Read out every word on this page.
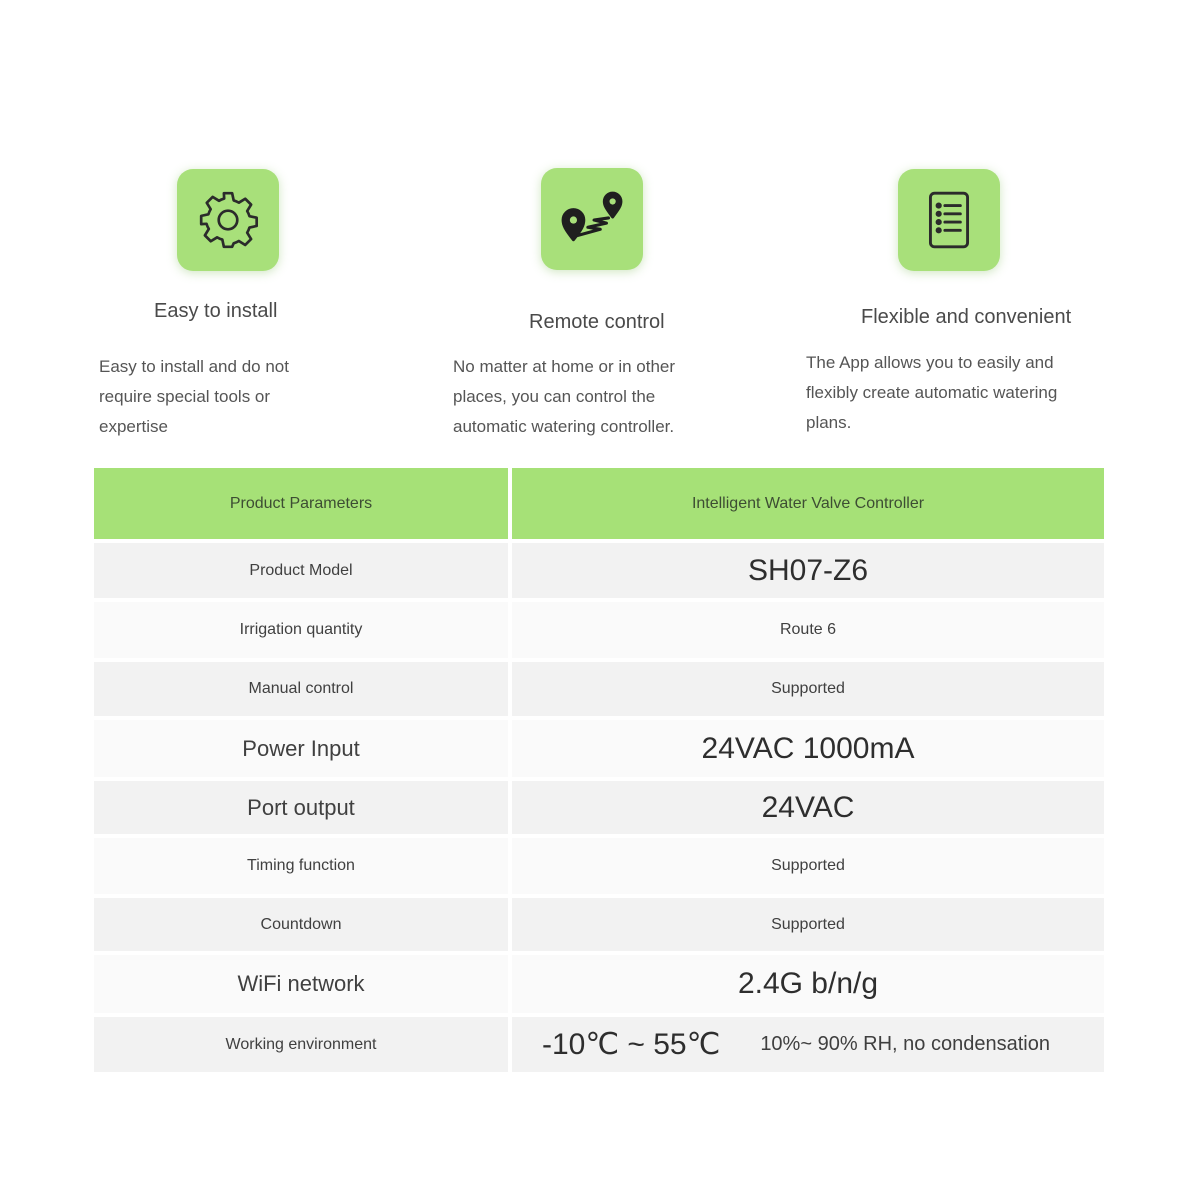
Easy to install
Easy to install and do not
require special tools or
expertise
Remote control
No matter at home or in other
places, you can control the
automatic watering controller.
Flexible and convenient
The App allows you to easily and
flexibly create automatic watering
plans.
Product Parameters	Intelligent Water Valve Controller
Product Model	SH07-Z6
Irrigation quantity	Route 6
Manual control	Supported
Power Input	24VAC 1000mA
Port output	24VAC
Timing function	Supported
Countdown	Supported
WiFi network	2.4G b/n/g
Working environment	-10℃ ~ 55℃ 10%~ 90% RH, no condensation
